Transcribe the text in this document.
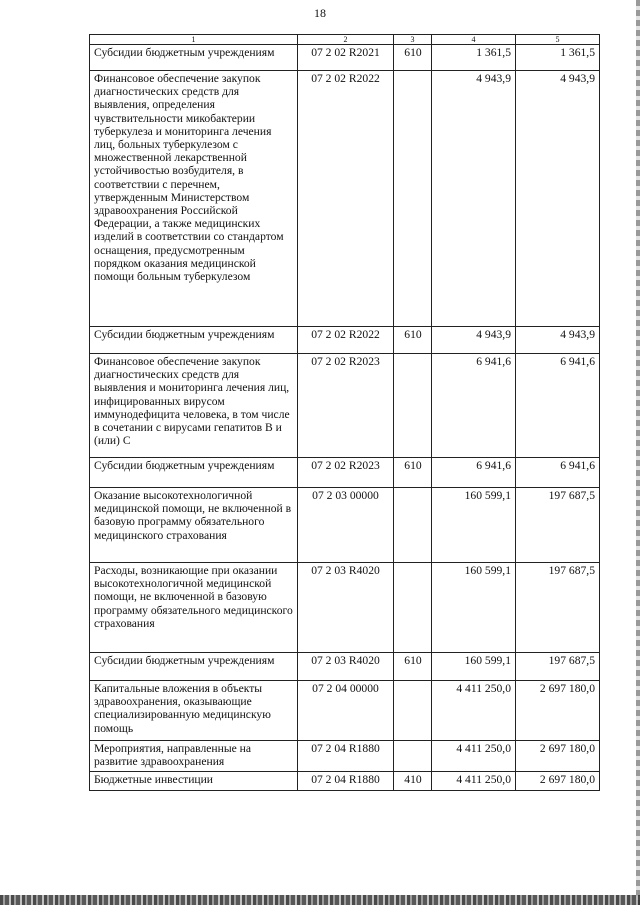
18
1	2	3	4	5
Субсидии бюджетным учреждениям	07 2 02 R2021	610	1 361,5	1 361,5
Финансовое обеспечение закупок диагностических средств для выявления, определения чувствительности микобактерии туберкулеза и мониторинга лечения лиц, больных туберкулезом с множественной лекарственной устойчивостью возбудителя, в соответствии с перечнем, утвержденным Министерством здравоохранения Российской Федерации, а также медицинских изделий в соответствии со стандартом оснащения, предусмотренным порядком оказания медицинской помощи больным туберкулезом	07 2 02 R2022		4 943,9	4 943,9
Субсидии бюджетным учреждениям	07 2 02 R2022	610	4 943,9	4 943,9
Финансовое обеспечение закупок диагностических средств для выявления и мониторинга лечения лиц, инфицированных вирусом иммунодефицита человека, в том числе в сочетании с вирусами гепатитов В и (или) С	07 2 02 R2023		6 941,6	6 941,6
Субсидии бюджетным учреждениям	07 2 02 R2023	610	6 941,6	6 941,6
Оказание высокотехнологичной медицинской помощи, не включенной в базовую программу обязательного медицинского страхования	07 2 03 00000		160 599,1	197 687,5
Расходы, возникающие при оказании высокотехнологичной медицинской помощи, не включенной в базовую программу обязательного медицинского страхования	07 2 03 R4020		160 599,1	197 687,5
Субсидии бюджетным учреждениям	07 2 03 R4020	610	160 599,1	197 687,5
Капитальные вложения в объекты здравоохранения, оказывающие специализированную медицинскую помощь	07 2 04 00000		4 411 250,0	2 697 180,0
Мероприятия, направленные на развитие здравоохранения	07 2 04 R1880		4 411 250,0	2 697 180,0
Бюджетные инвестиции	07 2 04 R1880	410	4 411 250,0	2 697 180,0
